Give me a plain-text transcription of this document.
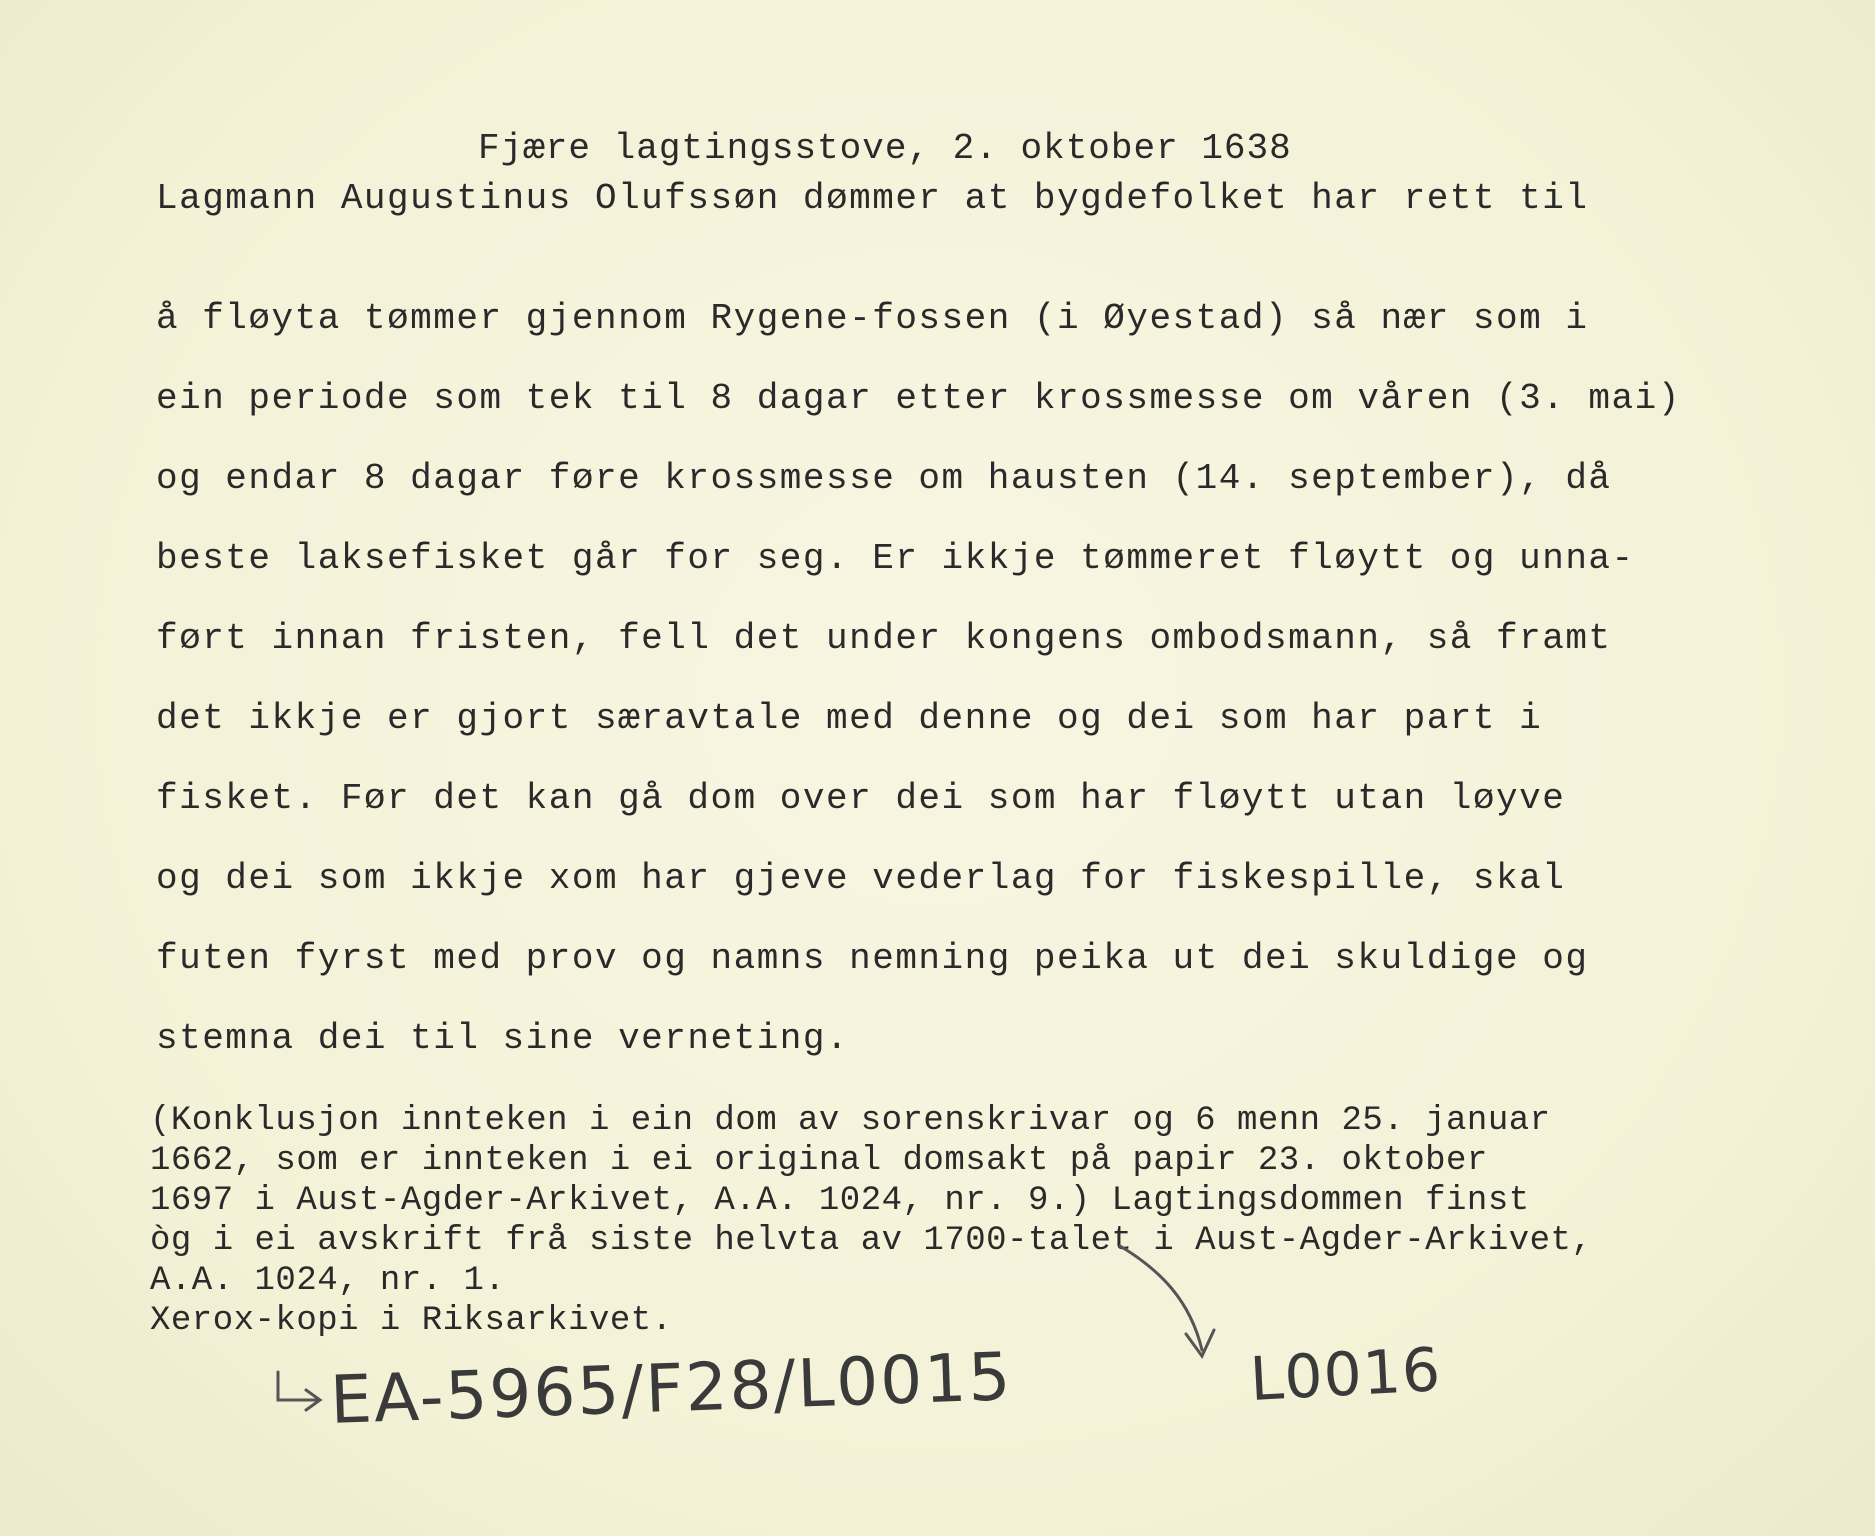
Fjære lagtingsstove, 2. oktober 1638
Lagmann Augustinus Olufssøn dømmer at bygdefolket har rett til
å fløyta tømmer gjennom Rygene-fossen (i Øyestad) så nær som i
ein periode som tek til 8 dagar etter krossmesse om våren (3. mai)
og endar 8 dagar føre krossmesse om hausten (14. september), då
beste laksefisket går for seg. Er ikkje tømmeret fløytt og unna-
ført innan fristen, fell det under kongens ombodsmann, så framt
det ikkje er gjort særavtale med denne og dei som har part i
fisket. Før det kan gå dom over dei som har fløytt utan løyve
og dei som ikkje xom har gjeve vederlag for fiskespille, skal
futen fyrst med prov og namns nemning peika ut dei skuldige og
stemna dei til sine verneting.
(Konklusjon innteken i ein dom av sorenskrivar og 6 menn 25. januar
1662, som er innteken i ei original domsakt på papir 23. oktober
1697 i Aust-Agder-Arkivet, A.A. 1024, nr. 9.) Lagtingsdommen finst
òg i ei avskrift frå siste helvta av 1700-talet i Aust-Agder-Arkivet,
A.A. 1024, nr. 1.
Xerox-kopi i Riksarkivet.
EA-5965/F28/L0015	L0016
